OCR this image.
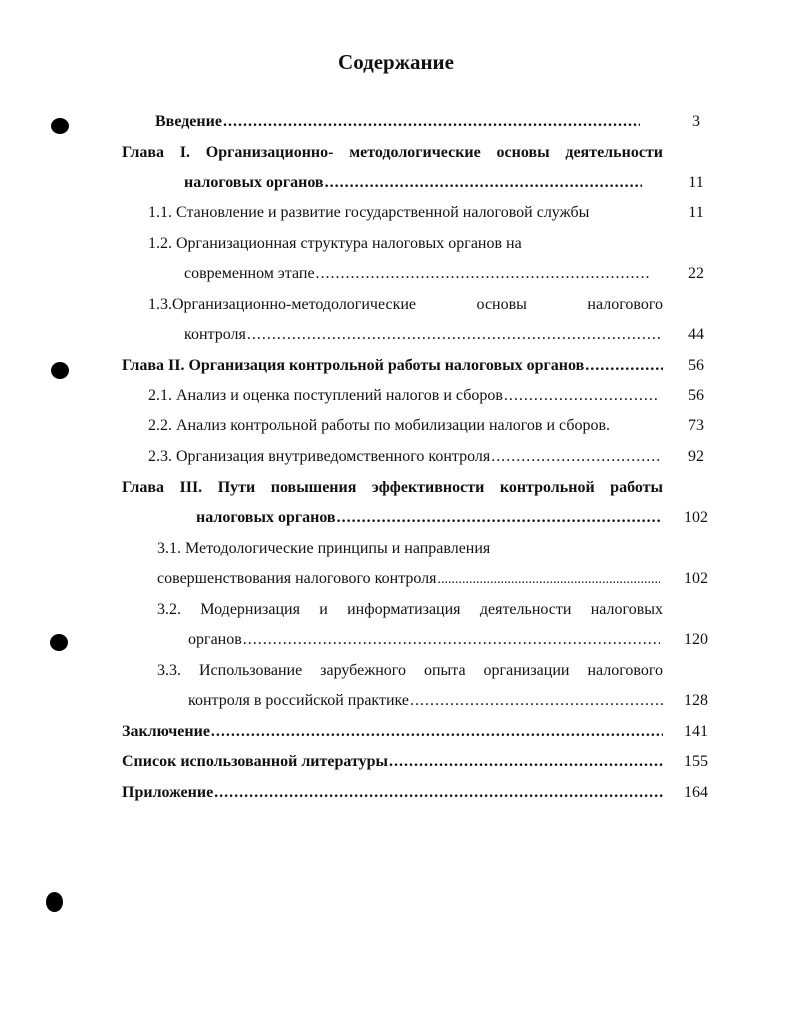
Содержание
Введение .....	3
Глава I. Организационно- методологические основы деятельности
налоговых органов .....	11
1.1. Становление и развитие государственной налоговой службы	11
1.2. Организационная структура налоговых органов на
современном этапе .....	22
1.3.Организационно-методологические основы налогового
контроля .....	44
Глава II. Организация контрольной работы налоговых органов .....	56
2.1. Анализ и оценка поступлений налогов и сборов .....	56
2.2. Анализ контрольной работы по мобилизации налогов и сборов.	73
2.3. Организация внутриведомственного контроля .....	92
Глава III. Пути повышения эффективности контрольной работы
налоговых органов .....	102
3.1. Методологические принципы и направления
совершенствования налогового контроля .....	102
3.2. Модернизация и информатизация деятельности налоговых
органов .....	120
3.3. Использование зарубежного опыта организации налогового
контроля в российской практике .....	128
Заключение .....	141
Список использованной литературы .....	155
Приложение .....	164
